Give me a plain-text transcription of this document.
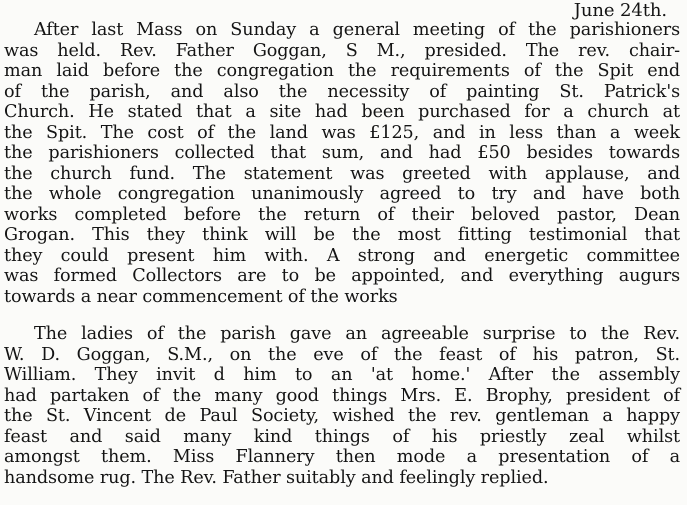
June 24th.
After last Mass on Sunday a general meeting of the parishioners
was held. Rev. Father Goggan, S M., presided. The rev. chair-
man laid before the congregation the requirements of the Spit end
of the parish, and also the necessity of painting St. Patrick's
Church. He stated that a site had been purchased for a church at
the Spit. The cost of the land was £125, and in less than a week
the parishioners collected that sum, and had £50 besides towards
the church fund. The statement was greeted with applause, and
the whole congregation unanimously agreed to try and have both
works completed before the return of their beloved pastor, Dean
Grogan. This they think will be the most fitting testimonial that
they could present him with. A strong and energetic committee
was formed Collectors are to be appointed, and everything augurs
towards a near commencement of the works
The ladies of the parish gave an agreeable surprise to the Rev.
W. D. Goggan, S.M., on the eve of the feast of his patron, St.
William. They invit d him to an 'at home.' After the assembly
had partaken of the many good things Mrs. E. Brophy, president of
the St. Vincent de Paul Society, wished the rev. gentleman a happy
feast and said many kind things of his priestly zeal whilst
amongst them. Miss Flannery then mode a presentation of a
handsome rug. The Rev. Father suitably and feelingly replied.
